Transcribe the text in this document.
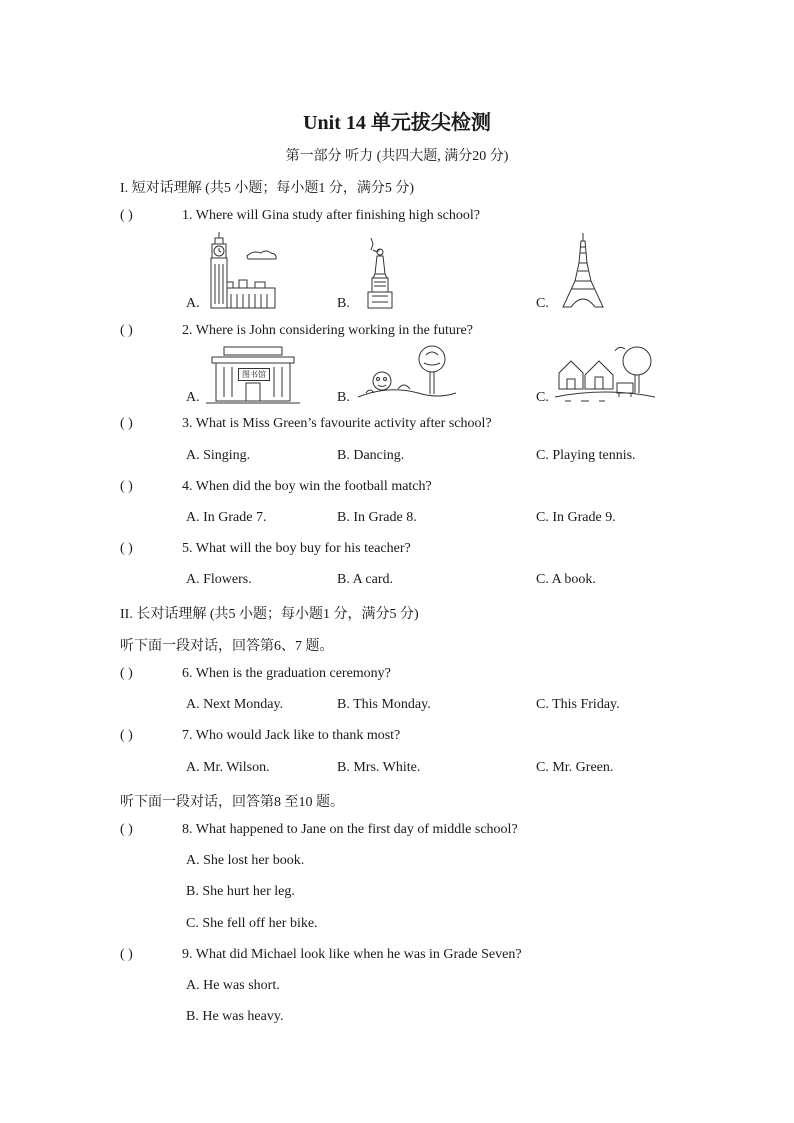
Unit 14 单元拔尖检测
第一部分 听力 (共四大题, 满分20 分)
I. 短对话理解 (共5 小题；每小题1 分，满分5 分)
( )	1. Where will Gina study after finishing high school?
A.	B.	C.
( )	2. Where is John considering working in the future?
A.	B.	C.
图书馆
( )	3. What is Miss Green’s favourite activity after school?
A. Singing.	B. Dancing.	C. Playing tennis.
( )	4. When did the boy win the football match?
A. In Grade 7.	B. In Grade 8.	C. In Grade 9.
( )	5. What will the boy buy for his teacher?
A. Flowers.	B. A card.	C. A book.
II. 长对话理解 (共5 小题；每小题1 分，满分5 分)
听下面一段对话，回答第6、7 题。
( )	6. When is the graduation ceremony?
A. Next Monday.	B. This Monday.	C. This Friday.
( )	7. Who would Jack like to thank most?
A. Mr. Wilson.	B. Mrs. White.	C. Mr. Green.
听下面一段对话，回答第8 至10 题。
( )	8. What happened to Jane on the first day of middle school?
A. She lost her book.
B. She hurt her leg.
C. She fell off her bike.
( )	9. What did Michael look like when he was in Grade Seven?
A. He was short.
B. He was heavy.
